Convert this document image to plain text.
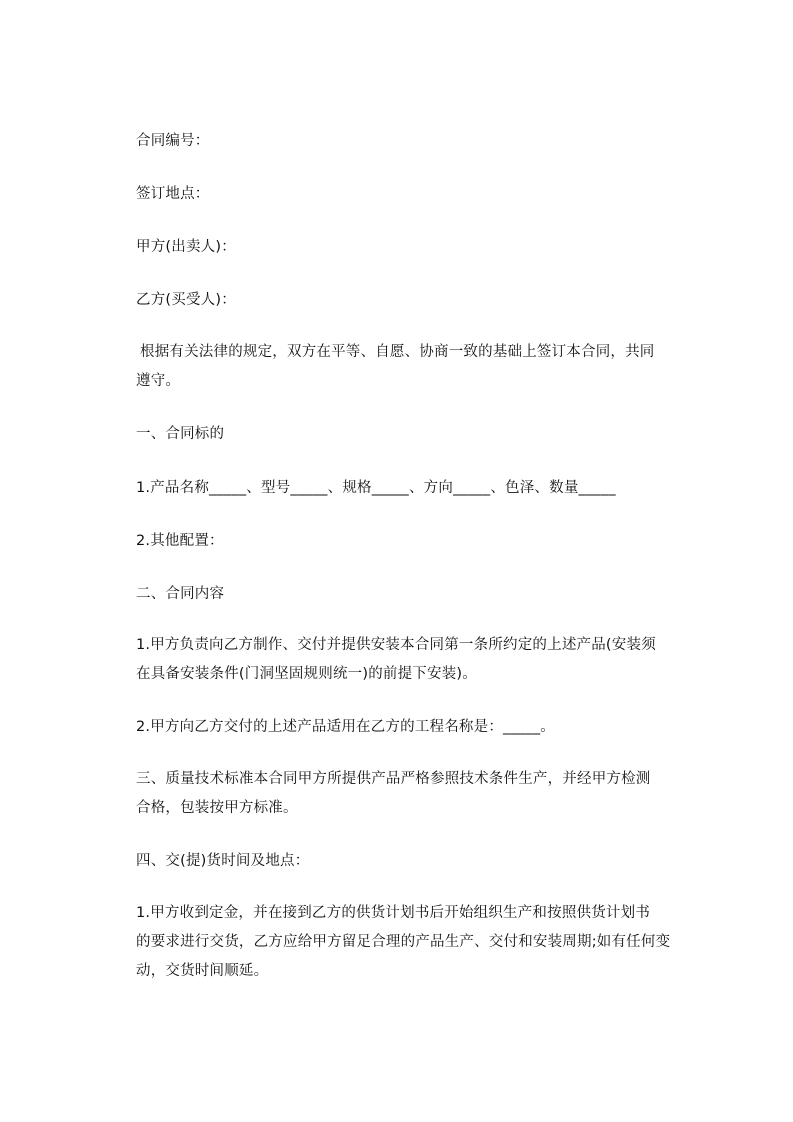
合同编号：
签订地点：
甲方(出卖人)：
乙方(买受人)：
根据有关法律的规定，双方在平等、自愿、协商一致的基础上签订本合同，共同
遵守。
一、合同标的
1.产品名称_____、型号_____、规格_____、方向_____、色泽、数量_____
2.其他配置：
二、合同内容
1.甲方负责向乙方制作、交付并提供安装本合同第一条所约定的上述产品(安装须
在具备安装条件(门洞坚固规则统一)的前提下安装)。
2.甲方向乙方交付的上述产品适用在乙方的工程名称是：_____。
三、质量技术标准本合同甲方所提供产品严格参照技术条件生产，并经甲方检测
合格，包装按甲方标准。
四、交(提)货时间及地点：
1.甲方收到定金，并在接到乙方的供货计划书后开始组织生产和按照供货计划书
的要求进行交货，乙方应给甲方留足合理的产品生产、交付和安装周期;如有任何变
动，交货时间顺延。
